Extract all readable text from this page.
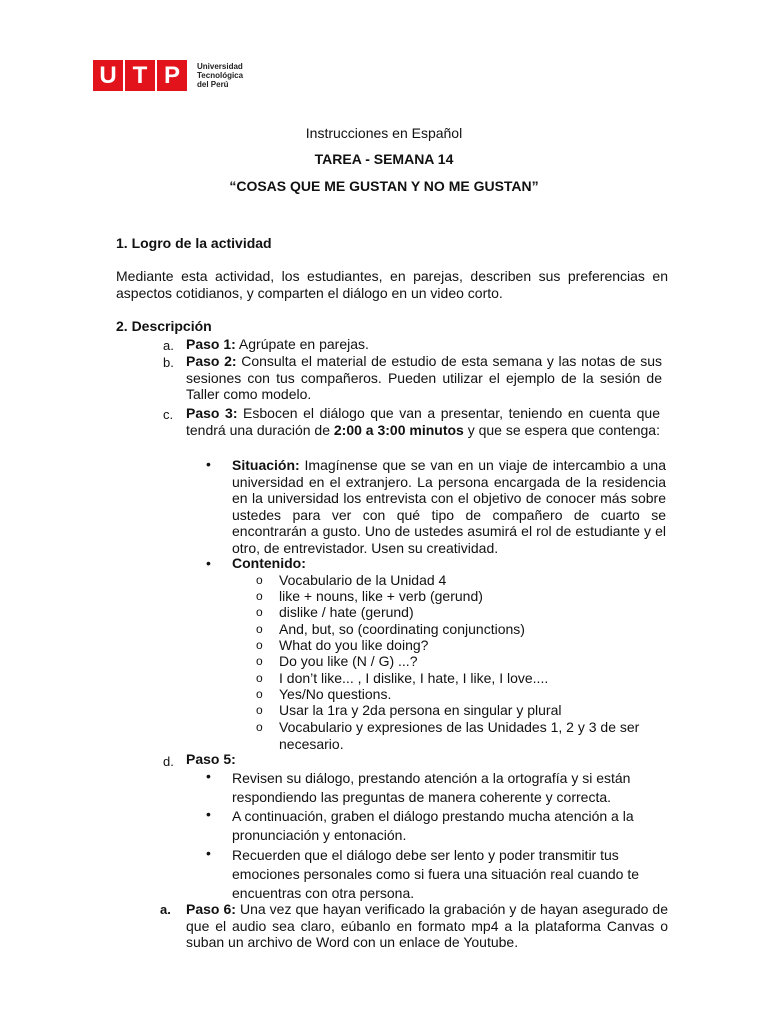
U T P	Universidad
Tecnológica
del Perú
Instrucciones en Español
TAREA - SEMANA 14
“COSAS QUE ME GUSTAN Y NO ME GUSTAN”
1. Logro de la actividad
Mediante esta actividad, los estudiantes, en parejas, describen sus preferencias en aspectos cotidianos, y comparten el diálogo en un video corto.
2. Descripción
a. Paso 1: Agrúpate en parejas.
b. Paso 2: Consulta el material de estudio de esta semana y las notas de sus sesiones con tus compañeros. Pueden utilizar el ejemplo de la sesión de Taller como modelo.
c. Paso 3: Esbocen el diálogo que van a presentar, teniendo en cuenta que tendrá una duración de 2:00 a 3:00 minutos y que se espera que contenga:
• Situación: Imagínense que se van en un viaje de intercambio a una universidad en el extranjero. La persona encargada de la residencia en la universidad los entrevista con el objetivo de conocer más sobre ustedes para ver con qué tipo de compañero de cuarto se encontrarán a gusto. Uno de ustedes asumirá el rol de estudiante y el otro, de entrevistador. Usen su creatividad.
• Contenido:
o Vocabulario de la Unidad 4
o like + nouns, like + verb (gerund)
o dislike / hate (gerund)
o And, but, so (coordinating conjunctions)
o What do you like doing?
o Do you like (N / G) ...?
o I don’t like... , I dislike, I hate, I like, I love....
o Yes/No questions.
o Usar la 1ra y 2da persona en singular y plural
o Vocabulario y expresiones de las Unidades 1, 2 y 3 de ser necesario.
d. Paso 5:
• Revisen su diálogo, prestando atención a la ortografía y si están respondiendo las preguntas de manera coherente y correcta.
• A continuación, graben el diálogo prestando mucha atención a la pronunciación y entonación.
• Recuerden que el diálogo debe ser lento y poder transmitir tus emociones personales como si fuera una situación real cuando te encuentras con otra persona.
a. Paso 6: Una vez que hayan verificado la grabación y de hayan asegurado de que el audio sea claro, eúbanlo en formato mp4 a la plataforma Canvas o suban un archivo de Word con un enlace de Youtube.
